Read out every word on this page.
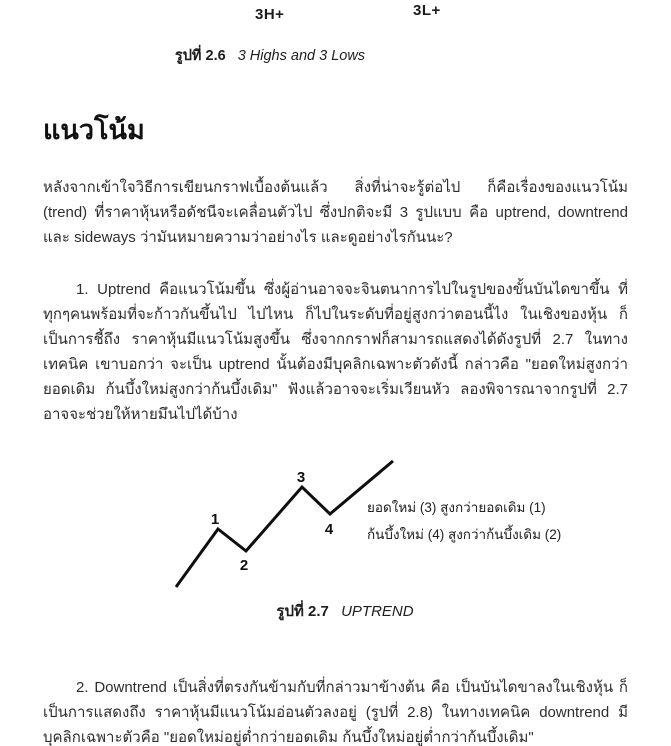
3H+	3L+
รูปที่ 2.6 3 Highs and 3 Lows
แนวโน้ม

หลังจากเข้าใจวิธีการเขียนกราฟเบื้องต้นแล้ว สิ่งที่น่าจะรู้ต่อไป ก็คือเรื่องของแนวโน้ม (trend) ที่ราคาหุ้นหรือดัชนีจะเคลื่อนตัวไป ซึ่งปกติจะมี 3 รูปแบบ คือ uptrend, downtrend และ sideways ว่ามันหมายความว่าอย่างไร และดูอย่างไรกันนะ?

1. Uptrend คือแนวโน้มขึ้น ซึ่งผู้อ่านอาจจะจินตนาการไปในรูปของขั้นบันไดขาขึ้น ที่ทุกๆคนพร้อมที่จะก้าวกันขึ้นไป ไปไหน ก็ไปในระดับที่อยู่สูงกว่าตอนนี้ไง ในเชิงของหุ้น ก็เป็นการชี้ถึง ราคาหุ้นมีแนวโน้มสูงขึ้น ซึ่งจากกราฟก็สามารถแสดงได้ดังรูปที่ 2.7 ในทางเทคนิค เขาบอกว่า จะเป็น uptrend นั้นต้องมีบุคลิกเฉพาะตัวดังนี้ กล่าวคือ "ยอดใหม่สูงกว่ายอดเดิม ก้นบึ้งใหม่สูงกว่าก้นบึ้งเดิม" ฟังแล้วอาจจะเริ่มเวียนหัว ลองพิจารณาจากรูปที่ 2.7 อาจจะช่วยให้หายมึนไปได้บ้าง

1
2
3
4
ยอดใหม่ (3) สูงกว่ายอดเดิม (1)
ก้นบึ้งใหม่ (4) สูงกว่าก้นบึ้งเดิม (2)
รูปที่ 2.7 UPTREND

2. Downtrend เป็นสิ่งที่ตรงกันข้ามกับที่กล่าวมาข้างต้น คือ เป็นบันไดขาลงในเชิงหุ้น ก็เป็นการแสดงถึง ราคาหุ้นมีแนวโน้มอ่อนตัวลงอยู่ (รูปที่ 2.8) ในทางเทคนิค downtrend มีบุคลิกเฉพาะตัวคือ "ยอดใหม่อยู่ต่ำกว่ายอดเดิม ก้นบึ้งใหม่อยู่ต่ำกว่าก้นบึ้งเดิม"
